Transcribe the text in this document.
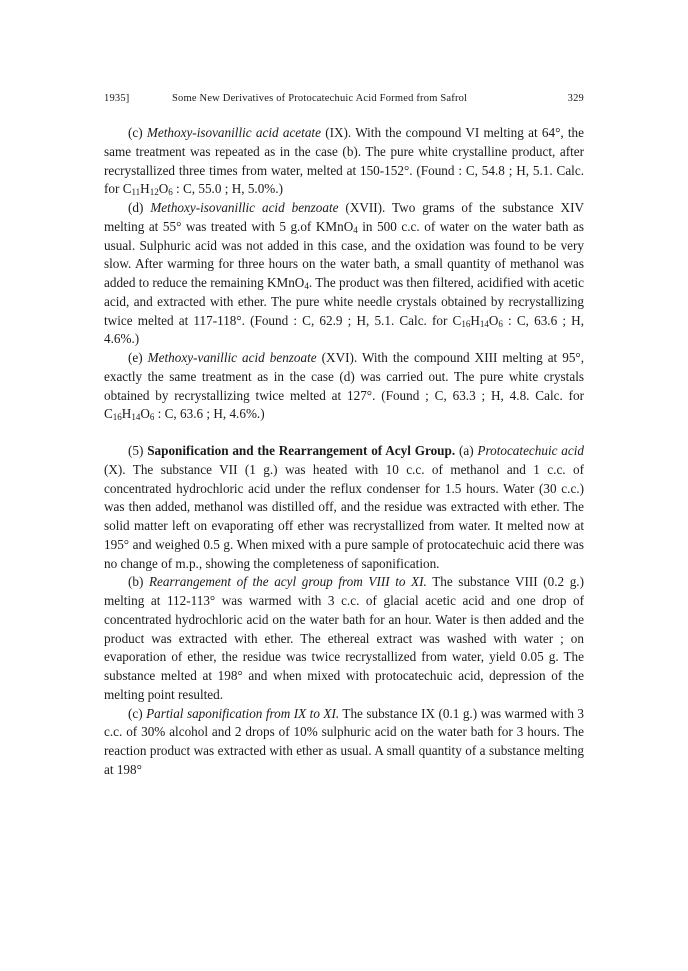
1935]	Some New Derivatives of Protocatechuic Acid Formed from Safrol	329

(c) Methoxy-isovanillic acid acetate (IX). With the compound VI melting at 64°, the same treatment was repeated as in the case (b). The pure white crystalline product, after recrystallized three times from water, melted at 150-152°. (Found : C, 54.8 ; H, 5.1. Calc. for $C_{11}H_{12}O_6$ : C, 55.0 ; H, 5.0%.)

(d) Methoxy-isovanillic acid benzoate (XVII). Two grams of the substance XIV melting at 55° was treated with 5 g.of KMnO$_4$ in 500 c.c. of water on the water bath as usual. Sulphuric acid was not added in this case, and the oxidation was found to be very slow. After warming for three hours on the water bath, a small quantity of methanol was added to reduce the remaining KMnO$_4$. The product was then filtered, acidified with acetic acid, and extracted with ether. The pure white needle crystals obtained by recrystallizing twice melted at 117-118°. (Found : C, 62.9 ; H, 5.1. Calc. for $C_{16}H_{14}O_6$ : C, 63.6 ; H, 4.6%.)

(e) Methoxy-vanillic acid benzoate (XVI). With the compound XIII melting at 95°, exactly the same treatment as in the case (d) was carried out. The pure white crystals obtained by recrystallizing twice melted at 127°. (Found ; C, 63.3 ; H, 4.8. Calc. for $C_{16}H_{14}O_6$ : C, 63.6 ; H, 4.6%.)

(5) Saponification and the Rearrangement of Acyl Group. (a) Protocatechuic acid (X). The substance VII (1 g.) was heated with 10 c.c. of methanol and 1 c.c. of concentrated hydrochloric acid under the reflux condenser for 1.5 hours. Water (30 c.c.) was then added, methanol was distilled off, and the residue was extracted with ether. The solid matter left on evaporating off ether was recrystallized from water. It melted now at 195° and weighed 0.5 g. When mixed with a pure sample of protocatechuic acid there was no change of m.p., showing the completeness of saponification.

(b) Rearrangement of the acyl group from VIII to XI. The substance VIII (0.2 g.) melting at 112-113° was warmed with 3 c.c. of glacial acetic acid and one drop of concentrated hydrochloric acid on the water bath for an hour. Water is then added and the product was extracted with ether. The ethereal extract was washed with water ; on evaporation of ether, the residue was twice recrystallized from water, yield 0.05 g. The substance melted at 198° and when mixed with protocatechuic acid, depression of the melting point resulted.

(c) Partial saponification from IX to XI. The substance IX (0.1 g.) was warmed with 3 c.c. of 30% alcohol and 2 drops of 10% sulphuric acid on the water bath for 3 hours. The reaction product was extracted with ether as usual. A small quantity of a substance melting at 198°
